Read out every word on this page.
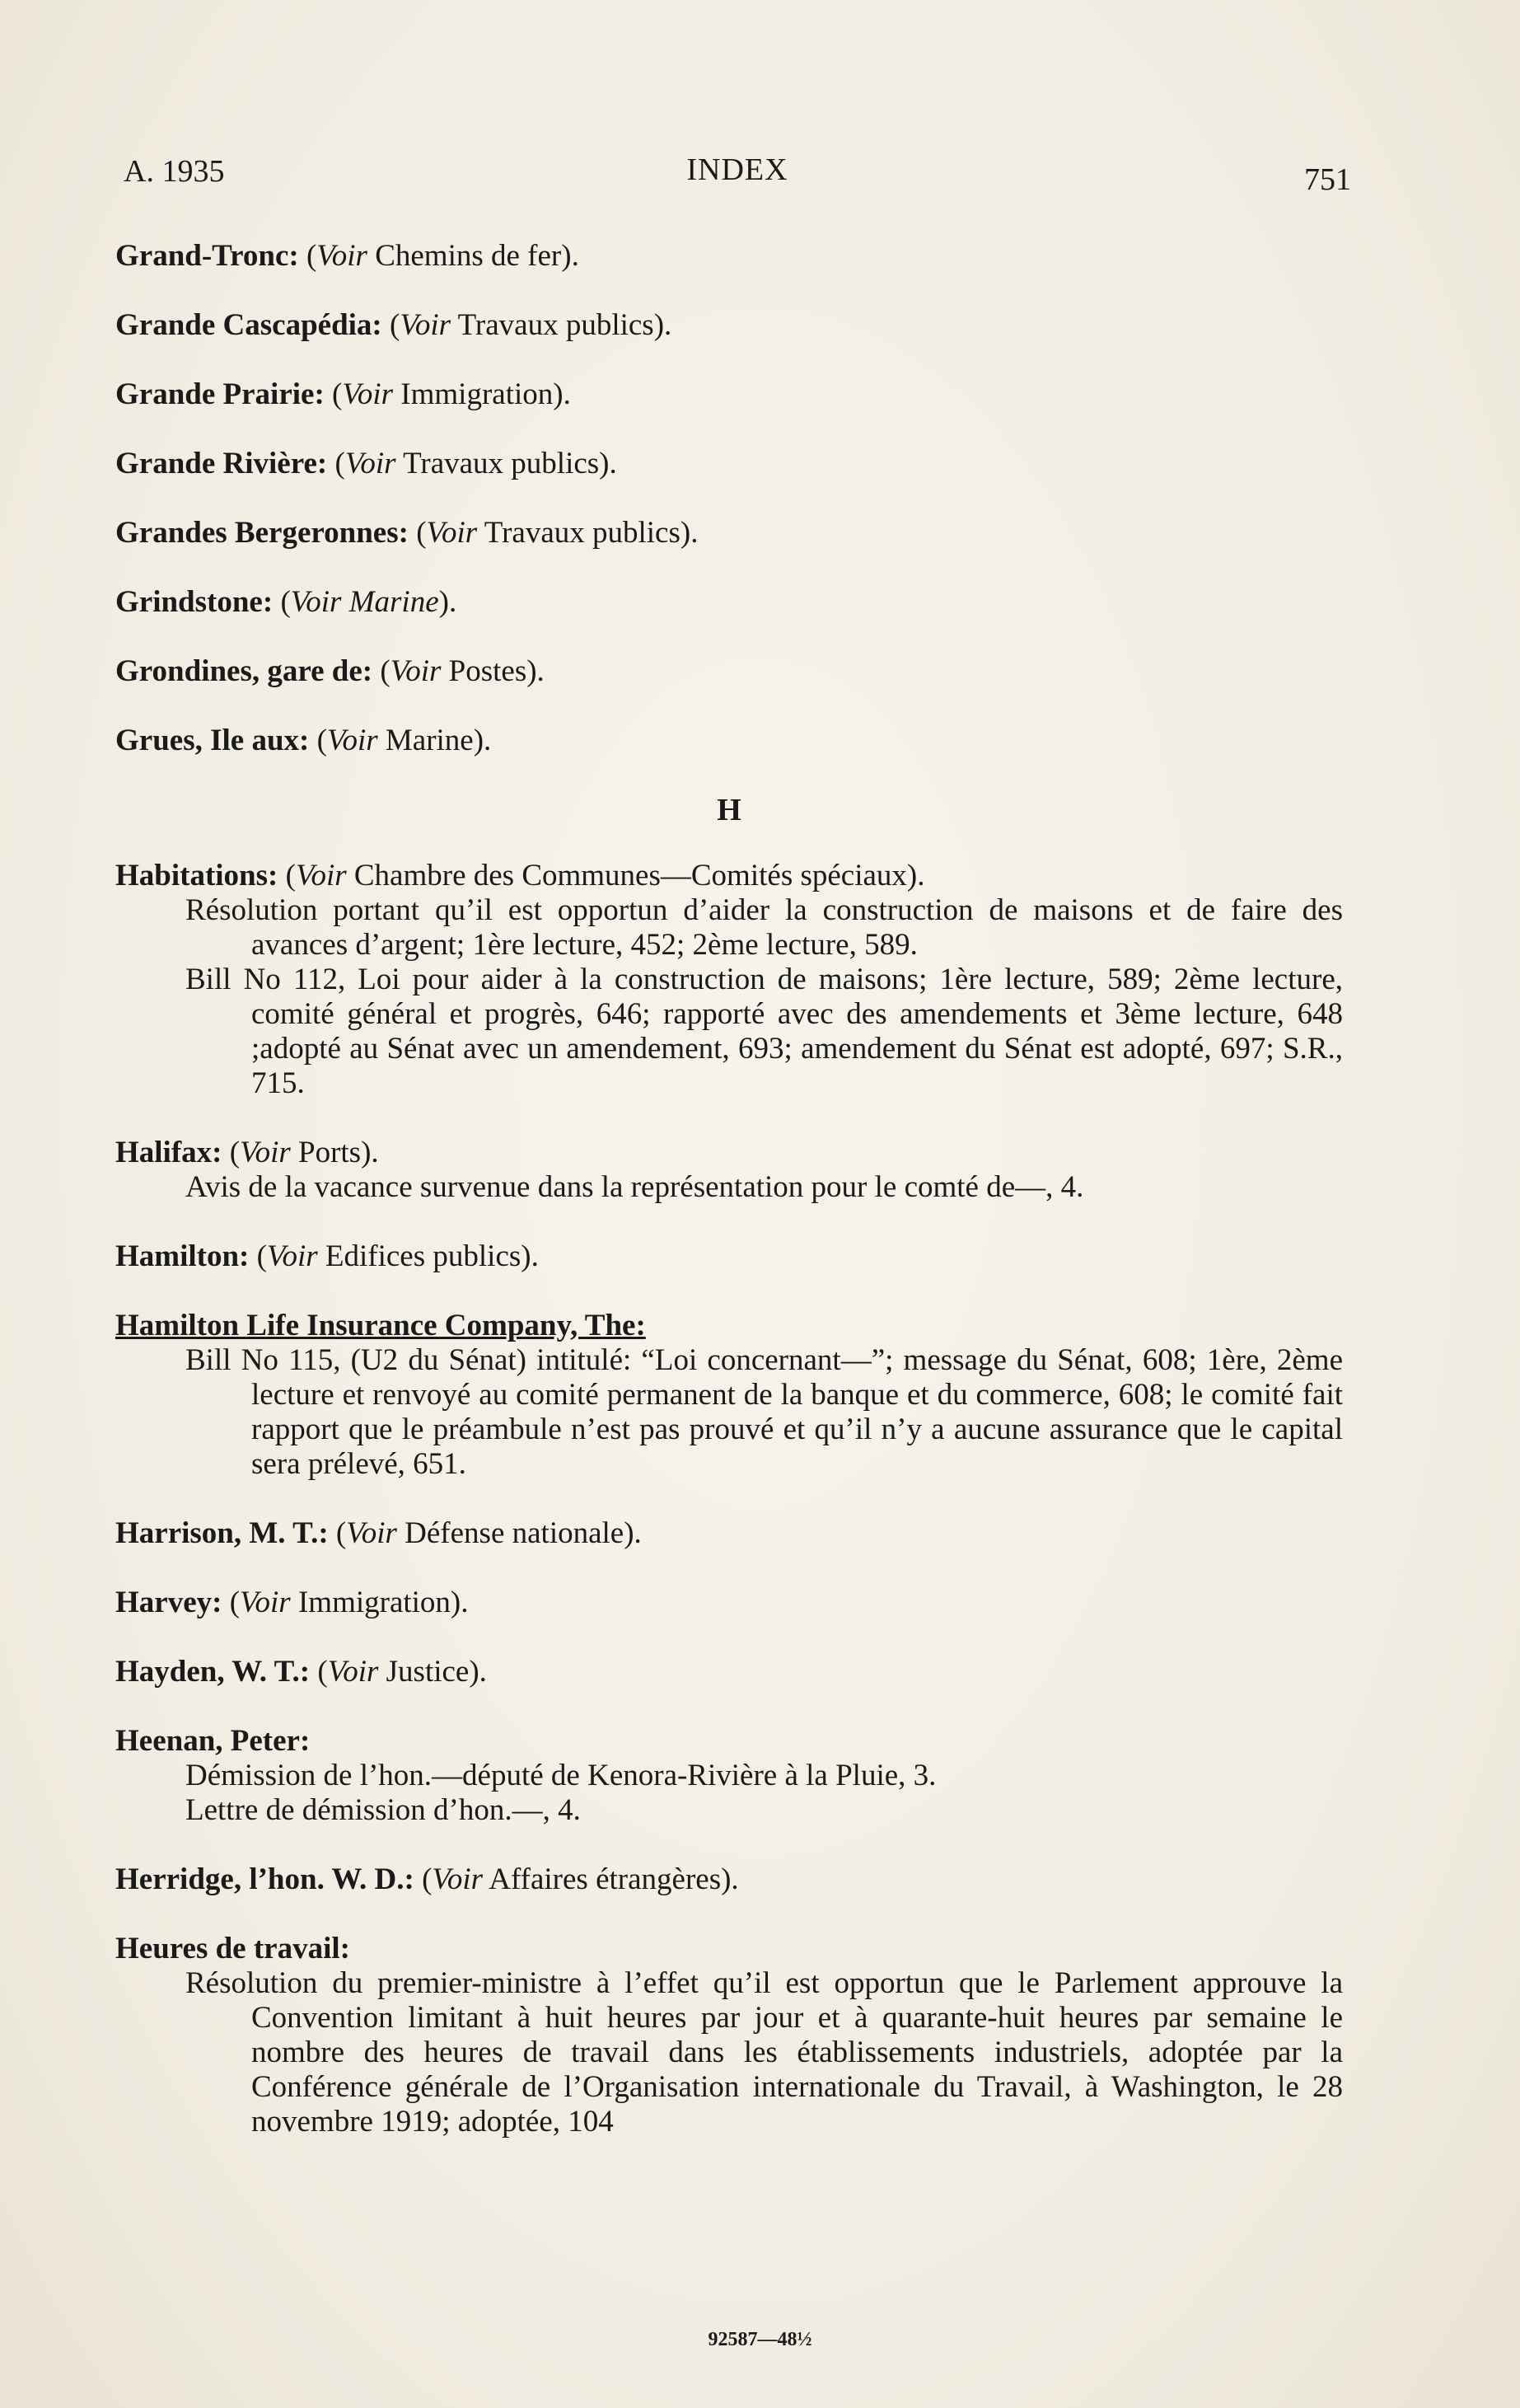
A. 1935	INDEX	751
Grand-Tronc: (Voir Chemins de fer).
Grande Cascapédia: (Voir Travaux publics).
Grande Prairie: (Voir Immigration).
Grande Rivière: (Voir Travaux publics).
Grandes Bergeronnes: (Voir Travaux publics).
Grindstone: (Voir Marine).
Grondines, gare de: (Voir Postes).
Grues, Ile aux: (Voir Marine).
H
Habitations: (Voir Chambre des Communes—Comités spéciaux).
Résolution portant qu’il est opportun d’aider la construction de maisons et de faire des avances d’argent; 1ère lecture, 452; 2ème lecture, 589.
Bill No 112, Loi pour aider à la construction de maisons; 1ère lecture, 589; 2ème lecture, comité général et progrès, 646; rapporté avec des amendements et 3ème lecture, 648 ;adopté au Sénat avec un amendement, 693; amendement du Sénat est adopté, 697; S.R., 715.
Halifax: (Voir Ports).
Avis de la vacance survenue dans la représentation pour le comté de—, 4.
Hamilton: (Voir Edifices publics).
Hamilton Life Insurance Company, The:
Bill No 115, (U2 du Sénat) intitulé: “Loi concernant—”; message du Sénat, 608; 1ère, 2ème lecture et renvoyé au comité permanent de la banque et du commerce, 608; le comité fait rapport que le préambule n’est pas prouvé et qu’il n’y a aucune assurance que le capital sera prélevé, 651.
Harrison, M. T.: (Voir Défense nationale).
Harvey: (Voir Immigration).
Hayden, W. T.: (Voir Justice).
Heenan, Peter:
Démission de l’hon.—député de Kenora-Rivière à la Pluie, 3.
Lettre de démission d’hon.—, 4.
Herridge, l’hon. W. D.: (Voir Affaires étrangères).
Heures de travail:
Résolution du premier-ministre à l’effet qu’il est opportun que le Parlement approuve la Convention limitant à huit heures par jour et à quarante-huit heures par semaine le nombre des heures de travail dans les établissements industriels, adoptée par la Conférence générale de l’Organisation internationale du Travail, à Washington, le 28 novembre 1919; adoptée, 104
92587—48½
